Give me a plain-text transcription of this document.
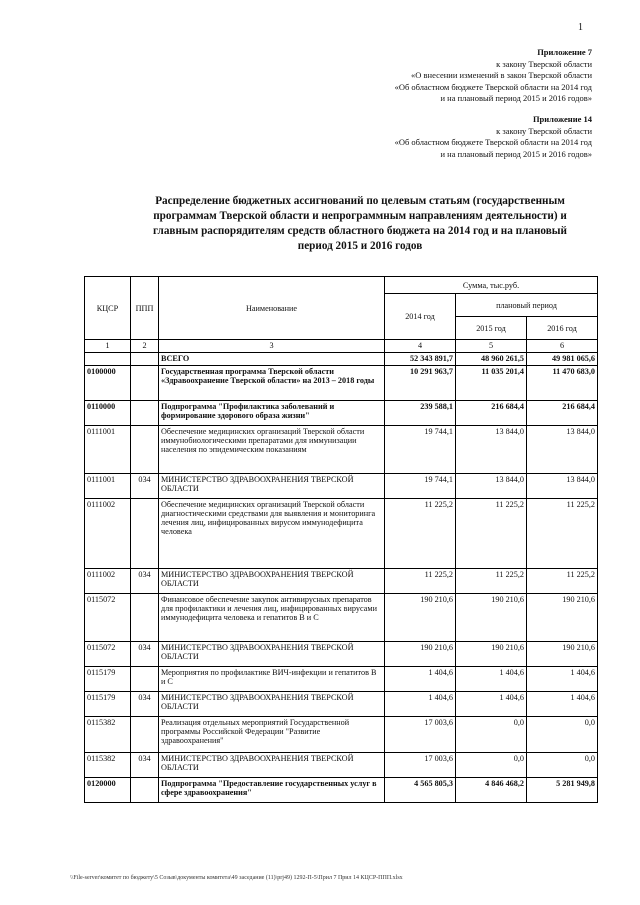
1
Приложение 7
к закону Тверской области
«О внесении изменений в закон Тверской области
«Об областном бюджете Тверской области на 2014 год
и на плановый период 2015 и 2016 годов»
Приложение 14
к закону Тверской области
«Об областном бюджете Тверской области на 2014 год
и на плановый период 2015 и 2016 годов»
Распределение бюджетных ассигнований по целевым статьям (государственным программам Тверской области и непрограммным направлениям деятельности) и главным распорядителям средств областного бюджета на 2014 год и на плановый период 2015 и 2016 годов
КЦСР	ППП	Наименование	Сумма, тыс.руб.		
			2014 год	плановый период	
				2015 год	2016 год
1	2	3	4	5	6
		ВСЕГО	52 343 891,7	48 960 261,5	49 981 065,6
0100000		Государственная программа Тверской области «Здравоохранение Тверской области» на 2013 – 2018 годы	10 291 963,7	11 035 201,4	11 470 683,0
0110000		Подпрограмма "Профилактика заболеваний и формирование здорового образа жизни"	239 588,1	216 684,4	216 684,4
0111001		Обеспечение медицинских организаций Тверской области иммунобиологическими препаратами для иммунизации населения по эпидемическим показаниям	19 744,1	13 844,0	13 844,0
0111001	034	МИНИСТЕРСТВО ЗДРАВООХРАНЕНИЯ ТВЕРСКОЙ ОБЛАСТИ	19 744,1	13 844,0	13 844,0
0111002		Обеспечение медицинских организаций Тверской области диагностическими средствами для выявления и мониторинга лечения лиц, инфицированных вирусом иммунодефицита человека	11 225,2	11 225,2	11 225,2
0111002	034	МИНИСТЕРСТВО ЗДРАВООХРАНЕНИЯ ТВЕРСКОЙ ОБЛАСТИ	11 225,2	11 225,2	11 225,2
0115072		Финансовое обеспечение закупок антивирусных препаратов для профилактики и лечения лиц, инфицированных вирусами иммунодефицита человека и гепатитов B и C	190 210,6	190 210,6	190 210,6
0115072	034	МИНИСТЕРСТВО ЗДРАВООХРАНЕНИЯ ТВЕРСКОЙ ОБЛАСТИ	190 210,6	190 210,6	190 210,6
0115179		Мероприятия по профилактике ВИЧ-инфекции и гепатитов B и C	1 404,6	1 404,6	1 404,6
0115179	034	МИНИСТЕРСТВО ЗДРАВООХРАНЕНИЯ ТВЕРСКОЙ ОБЛАСТИ	1 404,6	1 404,6	1 404,6
0115382		Реализация отдельных мероприятий Государственной программы Российской Федерации "Развитие здравоохранения"	17 003,6	0,0	0,0
0115382	034	МИНИСТЕРСТВО ЗДРАВООХРАНЕНИЯ ТВЕРСКОЙ ОБЛАСТИ	17 003,6	0,0	0,0
0120000		Подпрограмма "Предоставление государственных услуг в сфере здравоохранения"	4 565 805,3	4 846 468,2	5 281 949,8
\\File-server\комитет по бюджету\5 Созыв\документы комитета\49 заседание (11)\prj49) 1292-П-5\Прил 7 Прил 14 КЦСР-ППП.xlsx
